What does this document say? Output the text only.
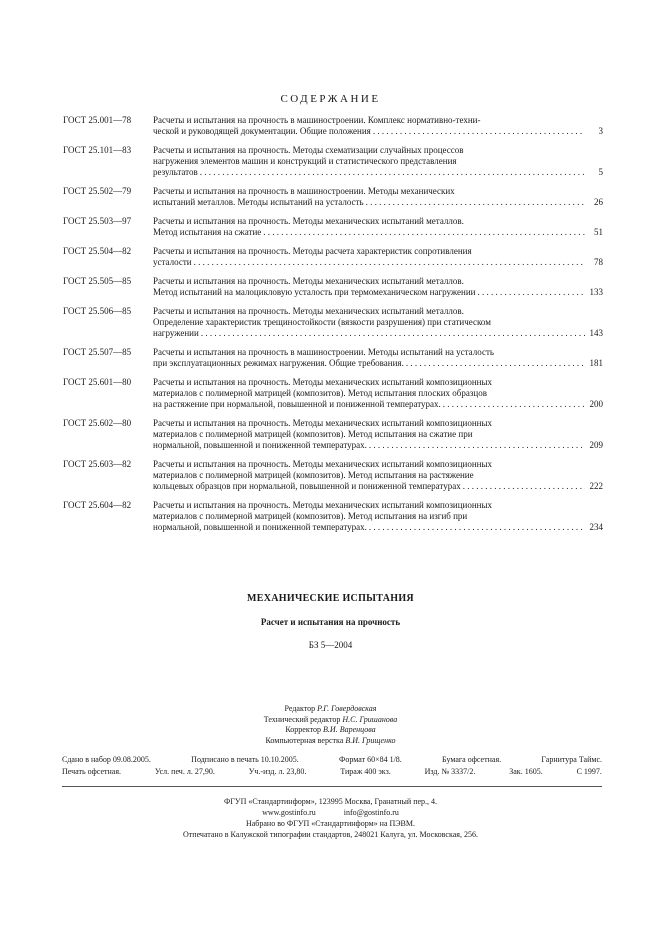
СОДЕРЖАНИЕ
ГОСТ 25.001—78	Расчеты и испытания на прочность в машиностроении. Комплекс нормативно-техни-
ческой и руководящей документации. Общие положения . . .	3
ГОСТ 25.101—83	Расчеты и испытания на прочность. Методы схематизации случайных процессов
нагружения элементов машин и конструкций и статистического представления
результатов . . .	5
ГОСТ 25.502—79	Расчеты и испытания на прочность в машиностроении. Методы механических
испытаний металлов. Методы испытаний на усталость . . .	26
ГОСТ 25.503—97	Расчеты и испытания на прочность. Методы механических испытаний металлов.
Метод испытания на сжатие . . .	51
ГОСТ 25.504—82	Расчеты и испытания на прочность. Методы расчета характеристик сопротивления
усталости . . .	78
ГОСТ 25.505—85	Расчеты и испытания на прочность. Методы механических испытаний металлов.
Метод испытаний на малоцикловую усталость при термомеханическом нагружении . . .	133
ГОСТ 25.506—85	Расчеты и испытания на прочность. Методы механических испытаний металлов.
Определение характеристик трещиностойкости (вязкости разрушения) при статическом
нагружении . . .	143
ГОСТ 25.507—85	Расчеты и испытания на прочность в машиностроении. Методы испытаний на усталость
при эксплуатационных режимах нагружения. Общие требования. . . .	181
ГОСТ 25.601—80	Расчеты и испытания на прочность. Методы механических испытаний композиционных
материалов с полимерной матрицей (композитов). Метод испытания плоских образцов
на растяжение при нормальной, повышенной и пониженной температурах. . . .	200
ГОСТ 25.602—80	Расчеты и испытания на прочность. Методы механических испытаний композиционных
материалов с полимерной матрицей (композитов). Метод испытания на сжатие при
нормальной, повышенной и пониженной температурах. . . .	209
ГОСТ 25.603—82	Расчеты и испытания на прочность. Методы механических испытаний композиционных
материалов с полимерной матрицей (композитов). Метод испытания на растяжение
кольцевых образцов при нормальной, повышенной и пониженной температурах . . .	222
ГОСТ 25.604—82	Расчеты и испытания на прочность. Методы механических испытаний композиционных
материалов с полимерной матрицей (композитов). Метод испытания на изгиб при
нормальной, повышенной и пониженной температурах. . . .	234
МЕХАНИЧЕСКИЕ ИСПЫТАНИЯ
Расчет и испытания на прочность
БЗ 5—2004
Редактор Р.Г. Говердовская
Технический редактор Н.С. Гришанова
Корректор В.И. Варенцова
Компьютерная верстка В.И. Грищенко
Сдано в набор 09.08.2005.	Подписано в печать 10.10.2005.	Формат 60×84 1/8.	Бумага офсетная.	Гарнитура Таймс.
Печать офсетная.	Усл. печ. л. 27,90.	Уч.-изд. л. 23,80.	Тираж 400 экз.	Изд. № 3337/2.	Зак. 1605.	С 1997.
ФГУП «Стандартинформ», 123995 Москва, Гранатный пер., 4.
www.gostinfo.ru	info@gostinfo.ru
Набрано во ФГУП «Стандартинформ» на ПЭВМ.
Отпечатано в Калужской типографии стандартов, 248021 Калуга, ул. Московская, 256.
